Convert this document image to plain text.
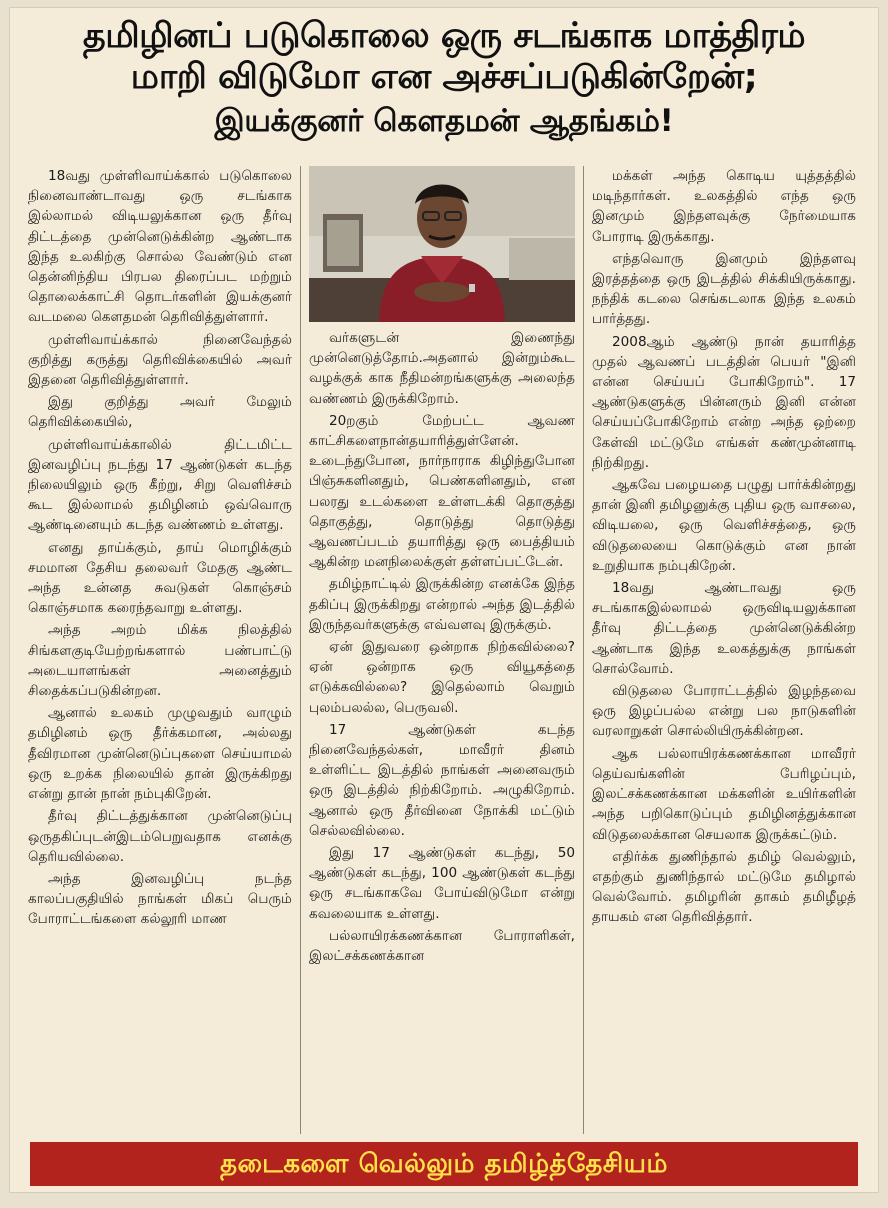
தமிழினப் படுகொலை ஒரு சடங்காக மாத்திரம்
மாறி விடுமோ என அச்சப்படுகின்றேன்;
இயக்குனர் கௌதமன் ஆதங்கம்!

18வது முள்ளிவாய்க்கால் படுகொலை நினைவாண்டாவது ஒரு சடங்காக இல்லாமல் விடியலுக்கான ஒரு தீர்வு திட்டத்தை முன்னெடுக்கின்ற ஆண்டாக இந்த உலகிற்கு சொல்ல வேண்டும் என தென்னிந்திய பிரபல திரைப்பட மற்றும் தொலைக்காட்சி தொடர்களின் இயக்குனர் வடமலை கௌதமன் தெரிவித்துள்ளார்.

முள்ளிவாய்க்கால் நினைவேந்தல் குறித்து கருத்து தெரிவிக்கையில் அவர் இதனை தெரிவித்துள்ளார்.

இது குறித்து அவர் மேலும் தெரிவிக்கையில்,

முள்ளிவாய்க்காலில் திட்டமிட்ட இனவழிப்பு நடந்து 17 ஆண்டுகள் கடந்த நிலையிலும் ஒரு கீற்று, சிறு வெளிச்சம் கூட இல்லாமல் தமிழினம் ஒவ்வொரு ஆண்டினையும் கடந்த வண்ணம் உள்ளது.

எனது தாய்க்கும், தாய் மொழிக்கும் சமமான தேசிய தலைவர் மேதகு ஆண்ட அந்த உன்னத சுவடுகள் கொஞ்சம் கொஞ்சமாக கரைந்தவாறு உள்ளது.

அந்த அறம் மிக்க நிலத்தில் சிங்களகுடியேற்றங்களால் பண்பாட்டு அடையாளங்கள் அனைத்தும் சிதைக்கப்படுகின்றன.

ஆனால் உலகம் முழுவதும் வாழும் தமிழினம் ஒரு தீர்க்கமான, அல்லது தீவிரமான முன்னெடுப்புகளை செய்யாமல் ஒரு உறக்க நிலையில் தான் இருக்கிறது என்று தான் நான் நம்புகிறேன்.

தீர்வு திட்டத்துக்கான முன்னெடுப்பு ஒருதகிப்புடன்இடம்பெறுவதாக எனக்கு தெரியவில்லை.

அந்த இனவழிப்பு நடந்த காலப்பகுதியில் நாங்கள் மிகப் பெரும் போராட்டங்களை கல்லூரி மாண

வர்களுடன் இணைந்து முன்னெடுத்தோம்.அதனால் இன்றும்கூட வழக்குக் காக நீதிமன்றங்களுக்கு அலைந்த வண்ணம் இருக்கிறோம்.

20றகும் மேற்பட்ட ஆவண காட்சிகளைநான்தயாரித்துள்ளேன். உடைந்துபோன, நார்நாராக கிழிந்துபோன பிஞ்சுகளினதும், பெண்களினதும், என பலரது உடல்களை உள்ளடக்கி தொகுத்து தொகுத்து, தொடுத்து தொடுத்து ஆவணப்படம் தயாரித்து ஒரு பைத்தியம் ஆகின்ற மனநிலைக்குள் தள்ளப்பட்டேன்.

தமிழ்நாட்டில் இருக்கின்ற எனக்கே இந்த தகிப்பு இருக்கிறது என்றால் அந்த இடத்தில் இருந்தவர்களுக்கு எவ்வளவு இருக்கும்.

ஏன் இதுவரை ஒன்றாக நிற்கவில்லை? ஏன் ஒன்றாக ஒரு வியூகத்தை எடுக்கவில்லை? இதெல்லாம் வெறும் புலம்பலல்ல, பெருவலி.

17 ஆண்டுகள் கடந்த நினைவேந்தல்கள், மாவீரர் தினம் உள்ளிட்ட இடத்தில் நாங்கள் அனைவரும் ஒரு இடத்தில் நிற்கிறோம். அழுகிறோம். ஆனால் ஒரு தீர்வினை நோக்கி மட்டும் செல்லவில்லை.

இது 17 ஆண்டுகள் கடந்து, 50 ஆண்டுகள் கடந்து, 100 ஆண்டுகள் கடந்து ஒரு சடங்காகவே போய்விடுமோ என்று கவலையாக உள்ளது.

பல்லாயிரக்கணக்கான போராளிகள், இலட்சக்கணக்கான

மக்கள் அந்த கொடிய யுத்தத்தில் மடிந்தார்கள். உலகத்தில் எந்த ஒரு இனமும் இந்தளவுக்கு நேர்மையாக போராடி இருக்காது.

எந்தவொரு இனமும் இந்தளவு இரத்தத்தை ஒரு இடத்தில் சிக்கியிருக்காது. நந்திக் கடலை செங்கடலாக இந்த உலகம் பார்த்தது.

2008ஆம் ஆண்டு நான் தயாரித்த முதல் ஆவணப் படத்தின் பெயர் "இனி என்ன செய்யப் போகிறோம்". 17 ஆண்டுகளுக்கு பின்னரும் இனி என்ன செய்யப்போகிறோம் என்ற அந்த ஒற்றை கேள்வி மட்டுமே எங்கள் கண்முன்னாடி நிற்கிறது.

ஆகவே பழையதை பழுது பார்க்கின்றது தான் இனி தமிழனுக்கு புதிய ஒரு வாசலை, விடியலை, ஒரு வெளிச்சத்தை, ஒரு விடுதலையை கொடுக்கும் என நான் உறுதியாக நம்புகிறேன்.

18வது ஆண்டாவது ஒரு சடங்காகஇல்லாமல் ஒருவிடியலுக்கான தீர்வு திட்டத்தை முன்னெடுக்கின்ற ஆண்டாக இந்த உலகத்துக்கு நாங்கள் சொல்வோம்.

விடுதலை போராட்டத்தில் இழந்தவை ஒரு இழப்பல்ல என்று பல நாடுகளின் வரலாறுகள் சொல்லியிருக்கின்றன.

ஆக பல்லாயிரக்கணக்கான மாவீரர் தெய்வங்களின் பேரிழப்பும், இலட்சக்கணக்கான மக்களின் உயிர்களின் அந்த பறிகொடுப்பும் தமிழினத்துக்கான விடுதலைக்கான செயலாக இருக்கட்டும்.

எதிர்க்க துணிந்தால் தமிழ் வெல்லும், எதற்கும் துணிந்தால் மட்டுமே தமிழால் வெல்வோம். தமிழரின் தாகம் தமிழீழத் தாயகம் என தெரிவித்தார்.

தடைகளை வெல்லும் தமிழ்த்தேசியம்
